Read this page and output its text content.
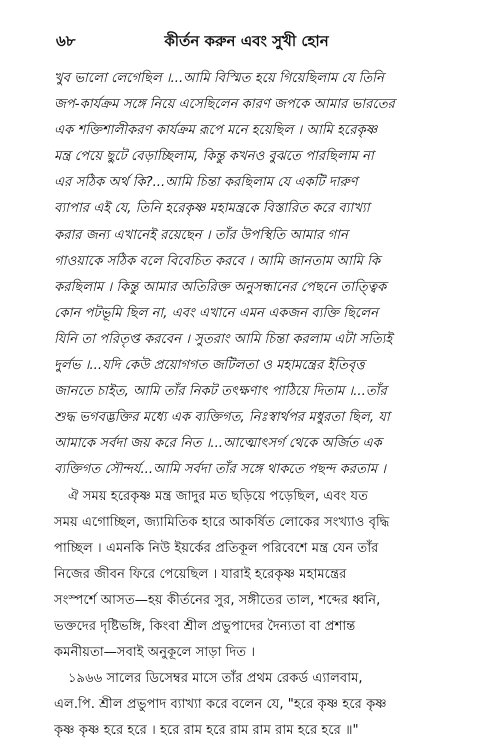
৬৮	কীর্তন করুন এবং সুখী হোন
খুব ভালো লেগেছিল ।...আমি বিস্মিত হয়ে গিয়েছিলাম যে তিনি
জপ-কার্যক্রম সঙ্গে নিয়ে এসেছিলেন কারণ জপকে আমার ভারতের
এক শক্তিশালীকরণ কার্যক্রম রূপে মনে হয়েছিল । আমি হরেকৃষ্ণ
মন্ত্র পেয়ে ছুটে বেড়াচ্ছিলাম, কিন্তু কখনও বুঝতে পারছিলাম না
এর সঠিক অর্থ কি?...আমি চিন্তা করছিলাম যে একটি দারুণ
ব্যাপার এই যে, তিনি হরেকৃষ্ণ মহামন্ত্রকে বিস্তারিত করে ব্যাখ্যা
করার জন্য এখানেই রয়েছেন । তাঁর উপস্থিতি আমার গান
গাওয়াকে সঠিক বলে বিবেচিত করবে । আমি জানতাম আমি কি
করছিলাম । কিন্তু আমার অতিরিক্ত অনুসন্ধানের পেছনে তাত্ত্বিক
কোন পটভূমি ছিল না, এবং এখানে এমন একজন ব্যক্তি ছিলেন
যিনি তা পরিতৃপ্ত করবেন । সুতরাং আমি চিন্তা করলাম এটা সত্যিই
দুর্লভ ।...যদি কেউ প্রয়োগগত জটিলতা ও মহামন্ত্রের ইতিবৃত্ত
জানতে চাইত, আমি তাঁর নিকট তৎক্ষণাৎ পাঠিয়ে দিতাম ।...তাঁর
শুদ্ধ ভগবদ্ভক্তির মধ্যে এক ব্যক্তিগত, নিঃস্বার্থপর মধুরতা ছিল, যা
আমাকে সর্বদা জয় করে নিত ।...আত্মোৎসর্গ থেকে অর্জিত এক
ব্যক্তিগত সৌন্দর্য...আমি সর্বদা তাঁর সঙ্গে থাকতে পছন্দ করতাম ।
ঐ সময় হরেকৃষ্ণ মন্ত্র জাদুর মত ছড়িয়ে পড়েছিল, এবং যত
সময় এগোচ্ছিল, জ্যামিতিক হারে আকর্ষিত লোকের সংখ্যাও বৃদ্ধি
পাচ্ছিল । এমনকি নিউ ইয়র্কের প্রতিকূল পরিবেশে মন্ত্র যেন তাঁর
নিজের জীবন ফিরে পেয়েছিল । যারাই হরেকৃষ্ণ মহামন্ত্রের
সংস্পর্শে আসত—হয় কীর্তনের সুর, সঙ্গীতের তাল, শব্দের ধ্বনি,
ভক্তদের দৃষ্টিভঙ্গি, কিংবা শ্রীল প্রভুপাদের দৈন্যতা বা প্রশান্ত
কমনীয়তা—সবাই অনুকূলে সাড়া দিত ।
১৯৬৬ সালের ডিসেম্বর মাসে তাঁর প্রথম রেকর্ড এ্যালবাম,
এল.পি. শ্রীল প্রভুপাদ ব্যাখ্যা করে বলেন যে, "হরে কৃষ্ণ হরে কৃষ্ণ
কৃষ্ণ কৃষ্ণ হরে হরে । হরে রাম হরে রাম রাম রাম হরে হরে ॥"
